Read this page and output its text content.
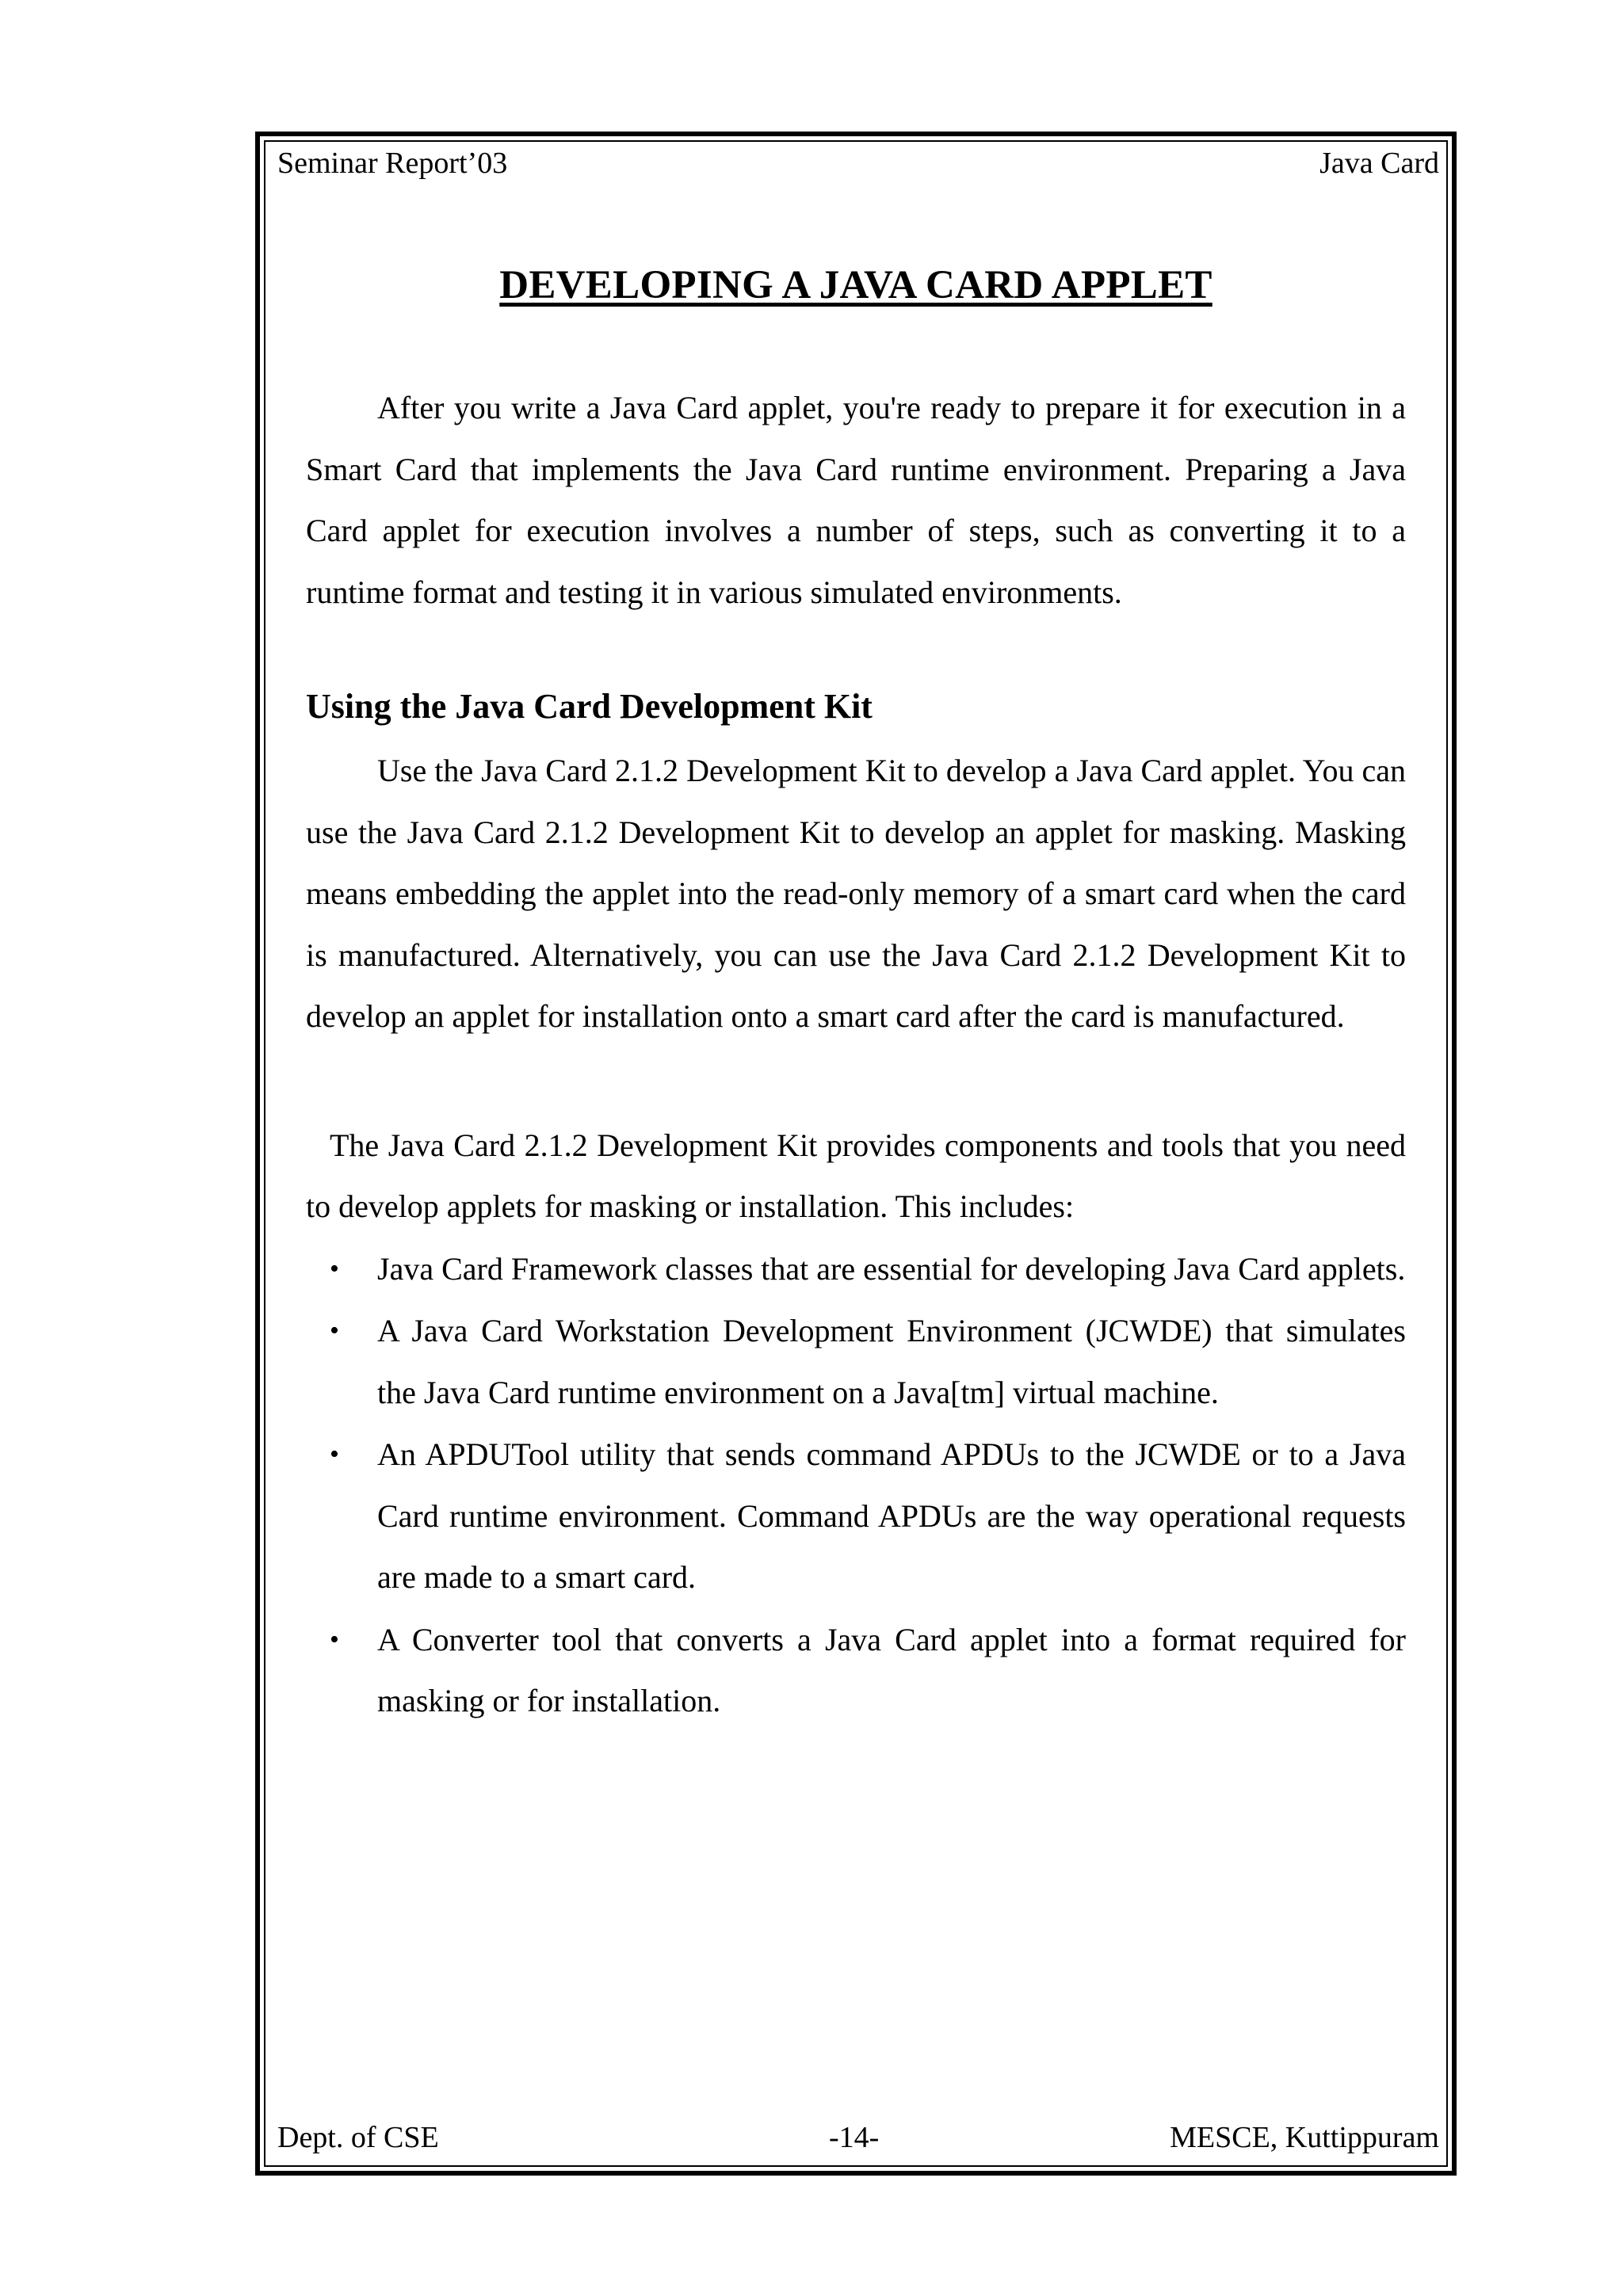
Seminar Report’03	Java Card
DEVELOPING A JAVA CARD APPLET

After you write a Java Card applet, you're ready to prepare it for execution in a Smart Card that implements the Java Card runtime environment. Preparing a Java Card applet for execution involves a number of steps, such as converting it to a runtime format and testing it in various simulated environments.

Using the Java Card Development Kit

Use the Java Card 2.1.2 Development Kit to develop a Java Card applet. You can use the Java Card 2.1.2 Development Kit to develop an applet for masking. Masking means embedding the applet into the read-only memory of a smart card when the card is manufactured. Alternatively, you can use the Java Card 2.1.2 Development Kit to develop an applet for installation onto a smart card after the card is manufactured.

The Java Card 2.1.2 Development Kit provides components and tools that you need to develop applets for masking or installation. This includes:

• Java Card Framework classes that are essential for developing Java Card applets.
• A Java Card Workstation Development Environment (JCWDE) that simulates the Java Card runtime environment on a Java[tm] virtual machine.
• An APDUTool utility that sends command APDUs to the JCWDE or to a Java Card runtime environment. Command APDUs are the way operational requests are made to a smart card.
• A Converter tool that converts a Java Card applet into a format required for masking or for installation.
Dept. of CSE	-14-	MESCE, Kuttippuram
